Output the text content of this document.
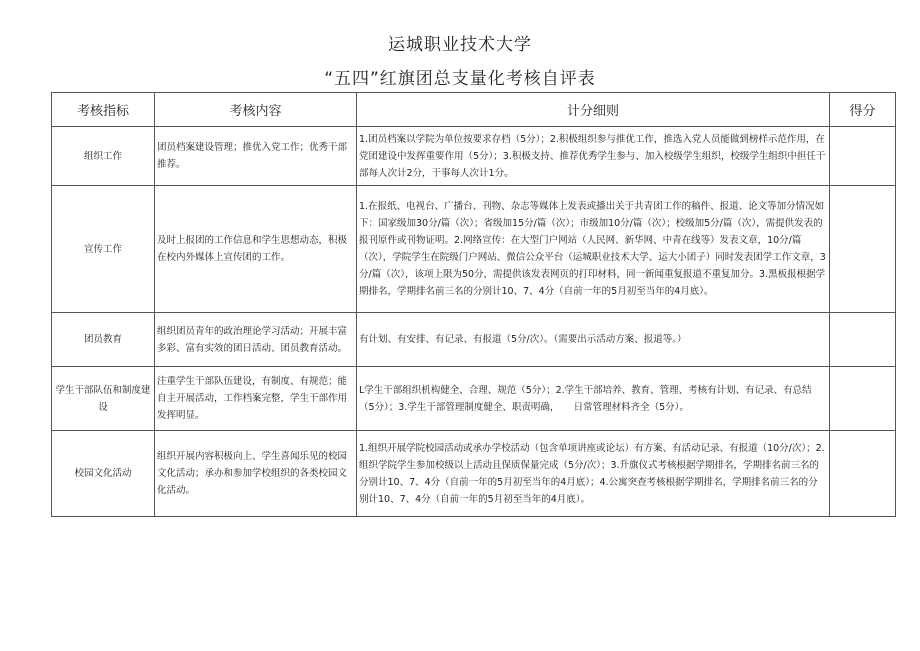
运城职业技术大学
“五四”红旗团总支量化考核自评表
考核指标	考核内容	计分细则	得分
组织工作	团员档案建设管理；推优入党工作；优秀干部推荐。	1.团员档案以学院为单位按要求存档（5分）；2.积极组织参与推优工作，推选入党人员能做到榜样示范作用，在党团建设中发挥重要作用（5分）；3.积极支持、推荐优秀学生参与、加入校级学生组织，校级学生组织中担任干部每人次计2分，干事每人次计1分。	
宣传工作	及时上报团的工作信息和学生思想动态，积极在校内外媒体上宣传团的工作。	1.在报纸、电视台、广播台、刊物、杂志等媒体上发表或播出关于共青团工作的稿件、报道、论文等加分情况如下：国家级加30分/篇（次）；省级加15分/篇（次）；市级加10分/篇（次）；校级加5分/篇（次），需提供发表的报刊原件或刊物证明。2.网络宣传：在大型门户网站（人民网、新华网、中青在线等）发表文章，10分/篇（次），学院学生在院级门户网站、微信公众平台（运城职业技术大学、运大小团子）同时发表团学工作文章，3分/篇（次），该项上限为50分，需提供该发表网页的打印材料，同一新闻重复报道不重复加分。3.黑板报根据学期排名，学期排名前三名的分别计10、7、4分（自前一年的5月初至当年的4月底）。	
团员教育	组织团员青年的政治理论学习活动；开展丰富多彩、富有实效的团日活动、团员教育活动。	有计划、有安排、有记录、有报道（5分/次）。（需要出示活动方案、报道等。）	
学生干部队伍和制度建设	注重学生干部队伍建设，有制度、有规范；能自主开展活动，工作档案完整，学生干部作用发挥明显。	L学生干部组织机构健全、合理、规范（5分）；2.学生干部培养、教育、管理、考核有计划、有记录、有总结（5分）；3.学生干部管理制度健全、职责明确，　　日常管理材料齐全（5分）。	
校园文化活动	组织开展内容积极向上、学生喜闻乐见的校园文化活动；承办和参加学校组织的各类校园文化活动。	1.组织开展学院校园活动或承办学校活动（包含单项讲座或论坛）有方案、有活动记录、有报道（10分/次）；2.组织学院学生参加校级以上活动且保质保量完成（5分/次）；3.升旗仪式考核根据学期排名，学期排名前三名的分别计10、7、4分（自前一年的5月初至当年的4月底）；4.公寓突查考核根据学期排名，学期排名前三名的分别计10、7、4分（自前一年的5月初至当年的4月底）。	
